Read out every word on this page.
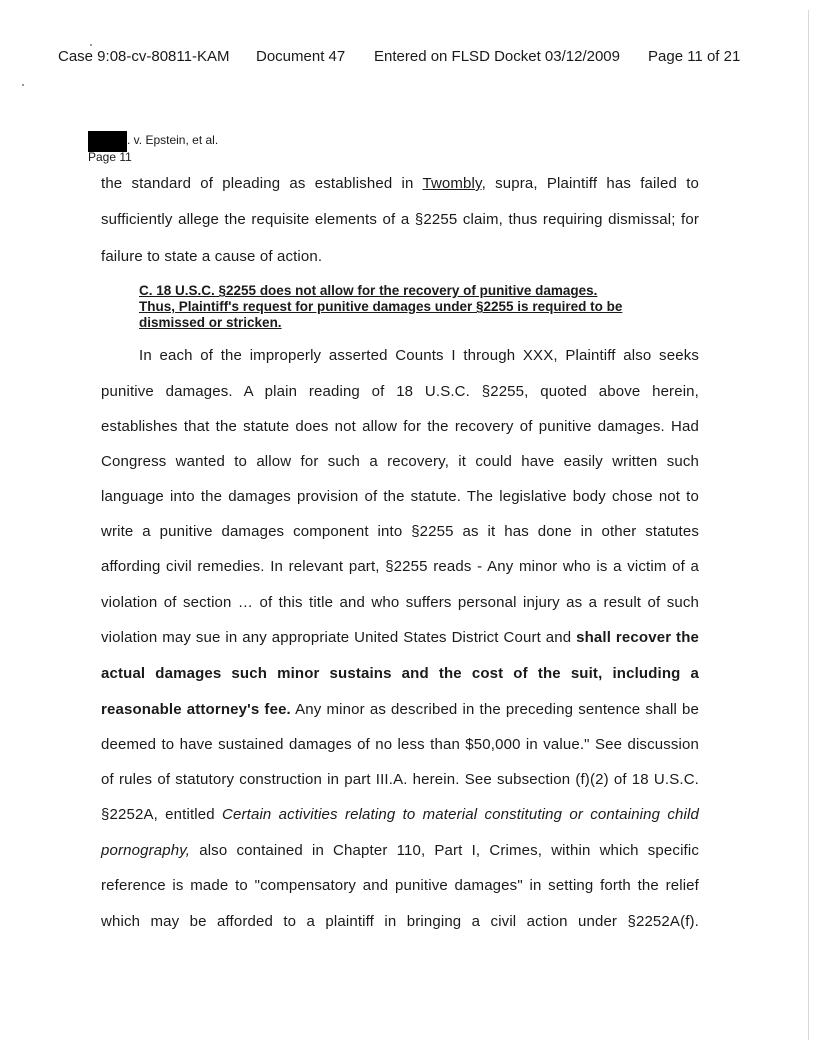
Case 9:08-cv-80811-KAM Document 47 Entered on FLSD Docket 03/12/2009 Page 11 of 21
. v. Epstein, et al.
Page 11
the standard of pleading as established in Twombly, supra, Plaintiff has failed to
sufficiently allege the requisite elements of a §2255 claim, thus requiring dismissal; for
failure to state a cause of action.
C. 18 U.S.C. §2255 does not allow for the recovery of punitive damages.
Thus, Plaintiff's request for punitive damages under §2255 is required to be
dismissed or stricken.
In each of the improperly asserted Counts I through XXX, Plaintiff also seeks
punitive damages. A plain reading of 18 U.S.C. §2255, quoted above herein,
establishes that the statute does not allow for the recovery of punitive damages. Had
Congress wanted to allow for such a recovery, it could have easily written such
language into the damages provision of the statute. The legislative body chose not to
write a punitive damages component into §2255 as it has done in other statutes
affording civil remedies. In relevant part, §2255 reads - Any minor who is a victim of a
violation of section … of this title and who suffers personal injury as a result of such
violation may sue in any appropriate United States District Court and shall recover the
actual damages such minor sustains and the cost of the suit, including a
reasonable attorney's fee. Any minor as described in the preceding sentence shall be
deemed to have sustained damages of no less than $50,000 in value." See discussion
of rules of statutory construction in part III.A. herein. See subsection (f)(2) of 18 U.S.C.
§2252A, entitled Certain activities relating to material constituting or containing child
pornography, also contained in Chapter 110, Part I, Crimes, within which specific
reference is made to "compensatory and punitive damages" in setting forth the relief
which may be afforded to a plaintiff in bringing a civil action under §2252A(f).
